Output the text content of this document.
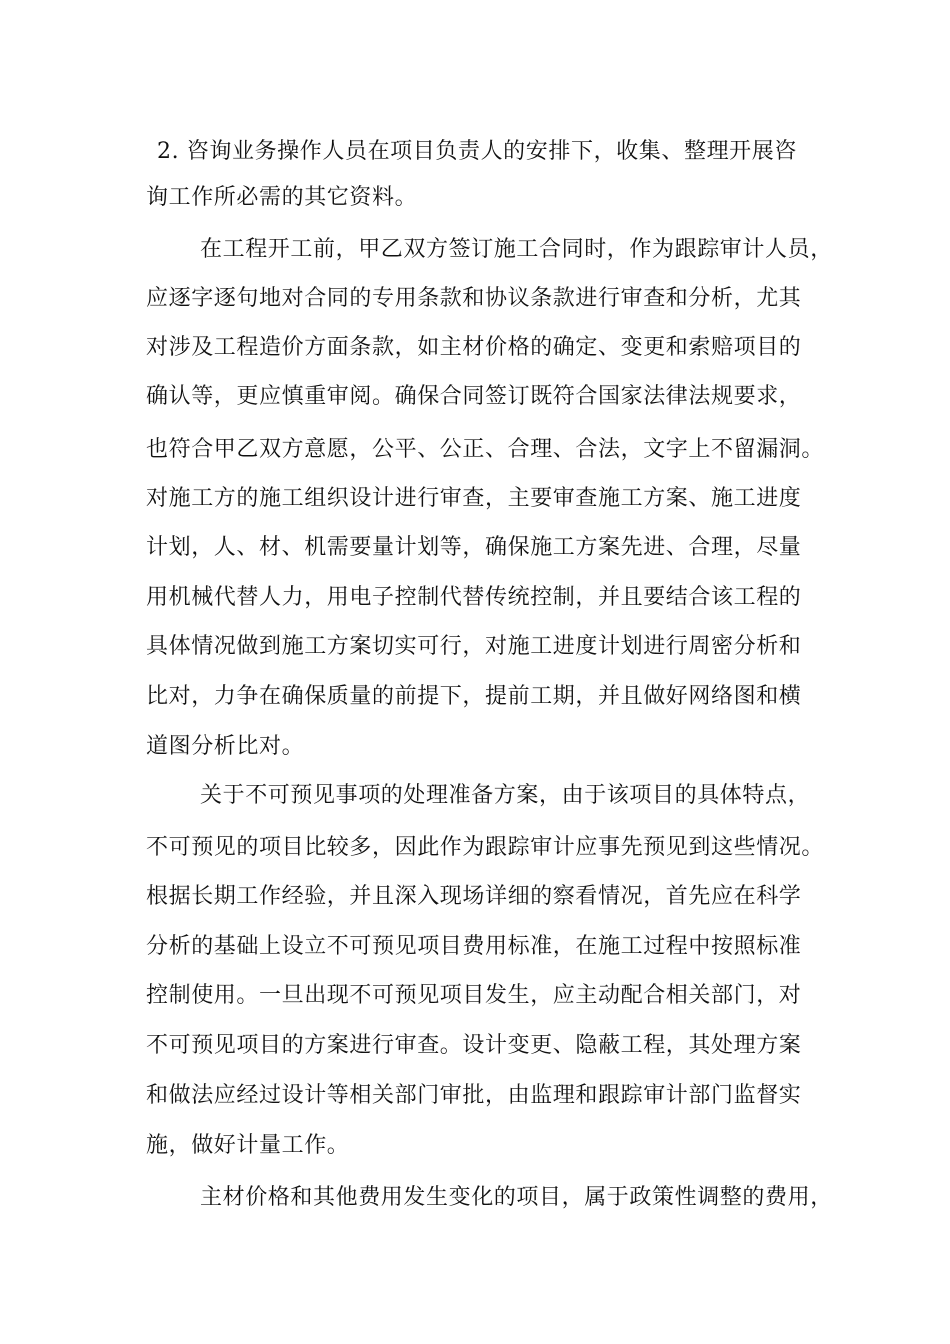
2. 咨询业务操作人员在项目负责人的安排下，收集、整理开展咨
询工作所必需的其它资料。
在工程开工前，甲乙双方签订施工合同时，作为跟踪审计人员，
应逐字逐句地对合同的专用条款和协议条款进行审查和分析，尤其
对涉及工程造价方面条款，如主材价格的确定、变更和索赔项目的
确认等，更应慎重审阅。确保合同签订既符合国家法律法规要求，
也符合甲乙双方意愿，公平、公正、合理、合法，文字上不留漏洞。
对施工方的施工组织设计进行审查，主要审查施工方案、施工进度
计划，人、材、机需要量计划等，确保施工方案先进、合理，尽量
用机械代替人力，用电子控制代替传统控制，并且要结合该工程的
具体情况做到施工方案切实可行，对施工进度计划进行周密分析和
比对，力争在确保质量的前提下，提前工期，并且做好网络图和横
道图分析比对。
关于不可预见事项的处理准备方案，由于该项目的具体特点，
不可预见的项目比较多，因此作为跟踪审计应事先预见到这些情况。
根据长期工作经验，并且深入现场详细的察看情况，首先应在科学
分析的基础上设立不可预见项目费用标准，在施工过程中按照标准
控制使用。一旦出现不可预见项目发生，应主动配合相关部门，对
不可预见项目的方案进行审查。设计变更、隐蔽工程，其处理方案
和做法应经过设计等相关部门审批，由监理和跟踪审计部门监督实
施，做好计量工作。
主材价格和其他费用发生变化的项目，属于政策性调整的费用，
